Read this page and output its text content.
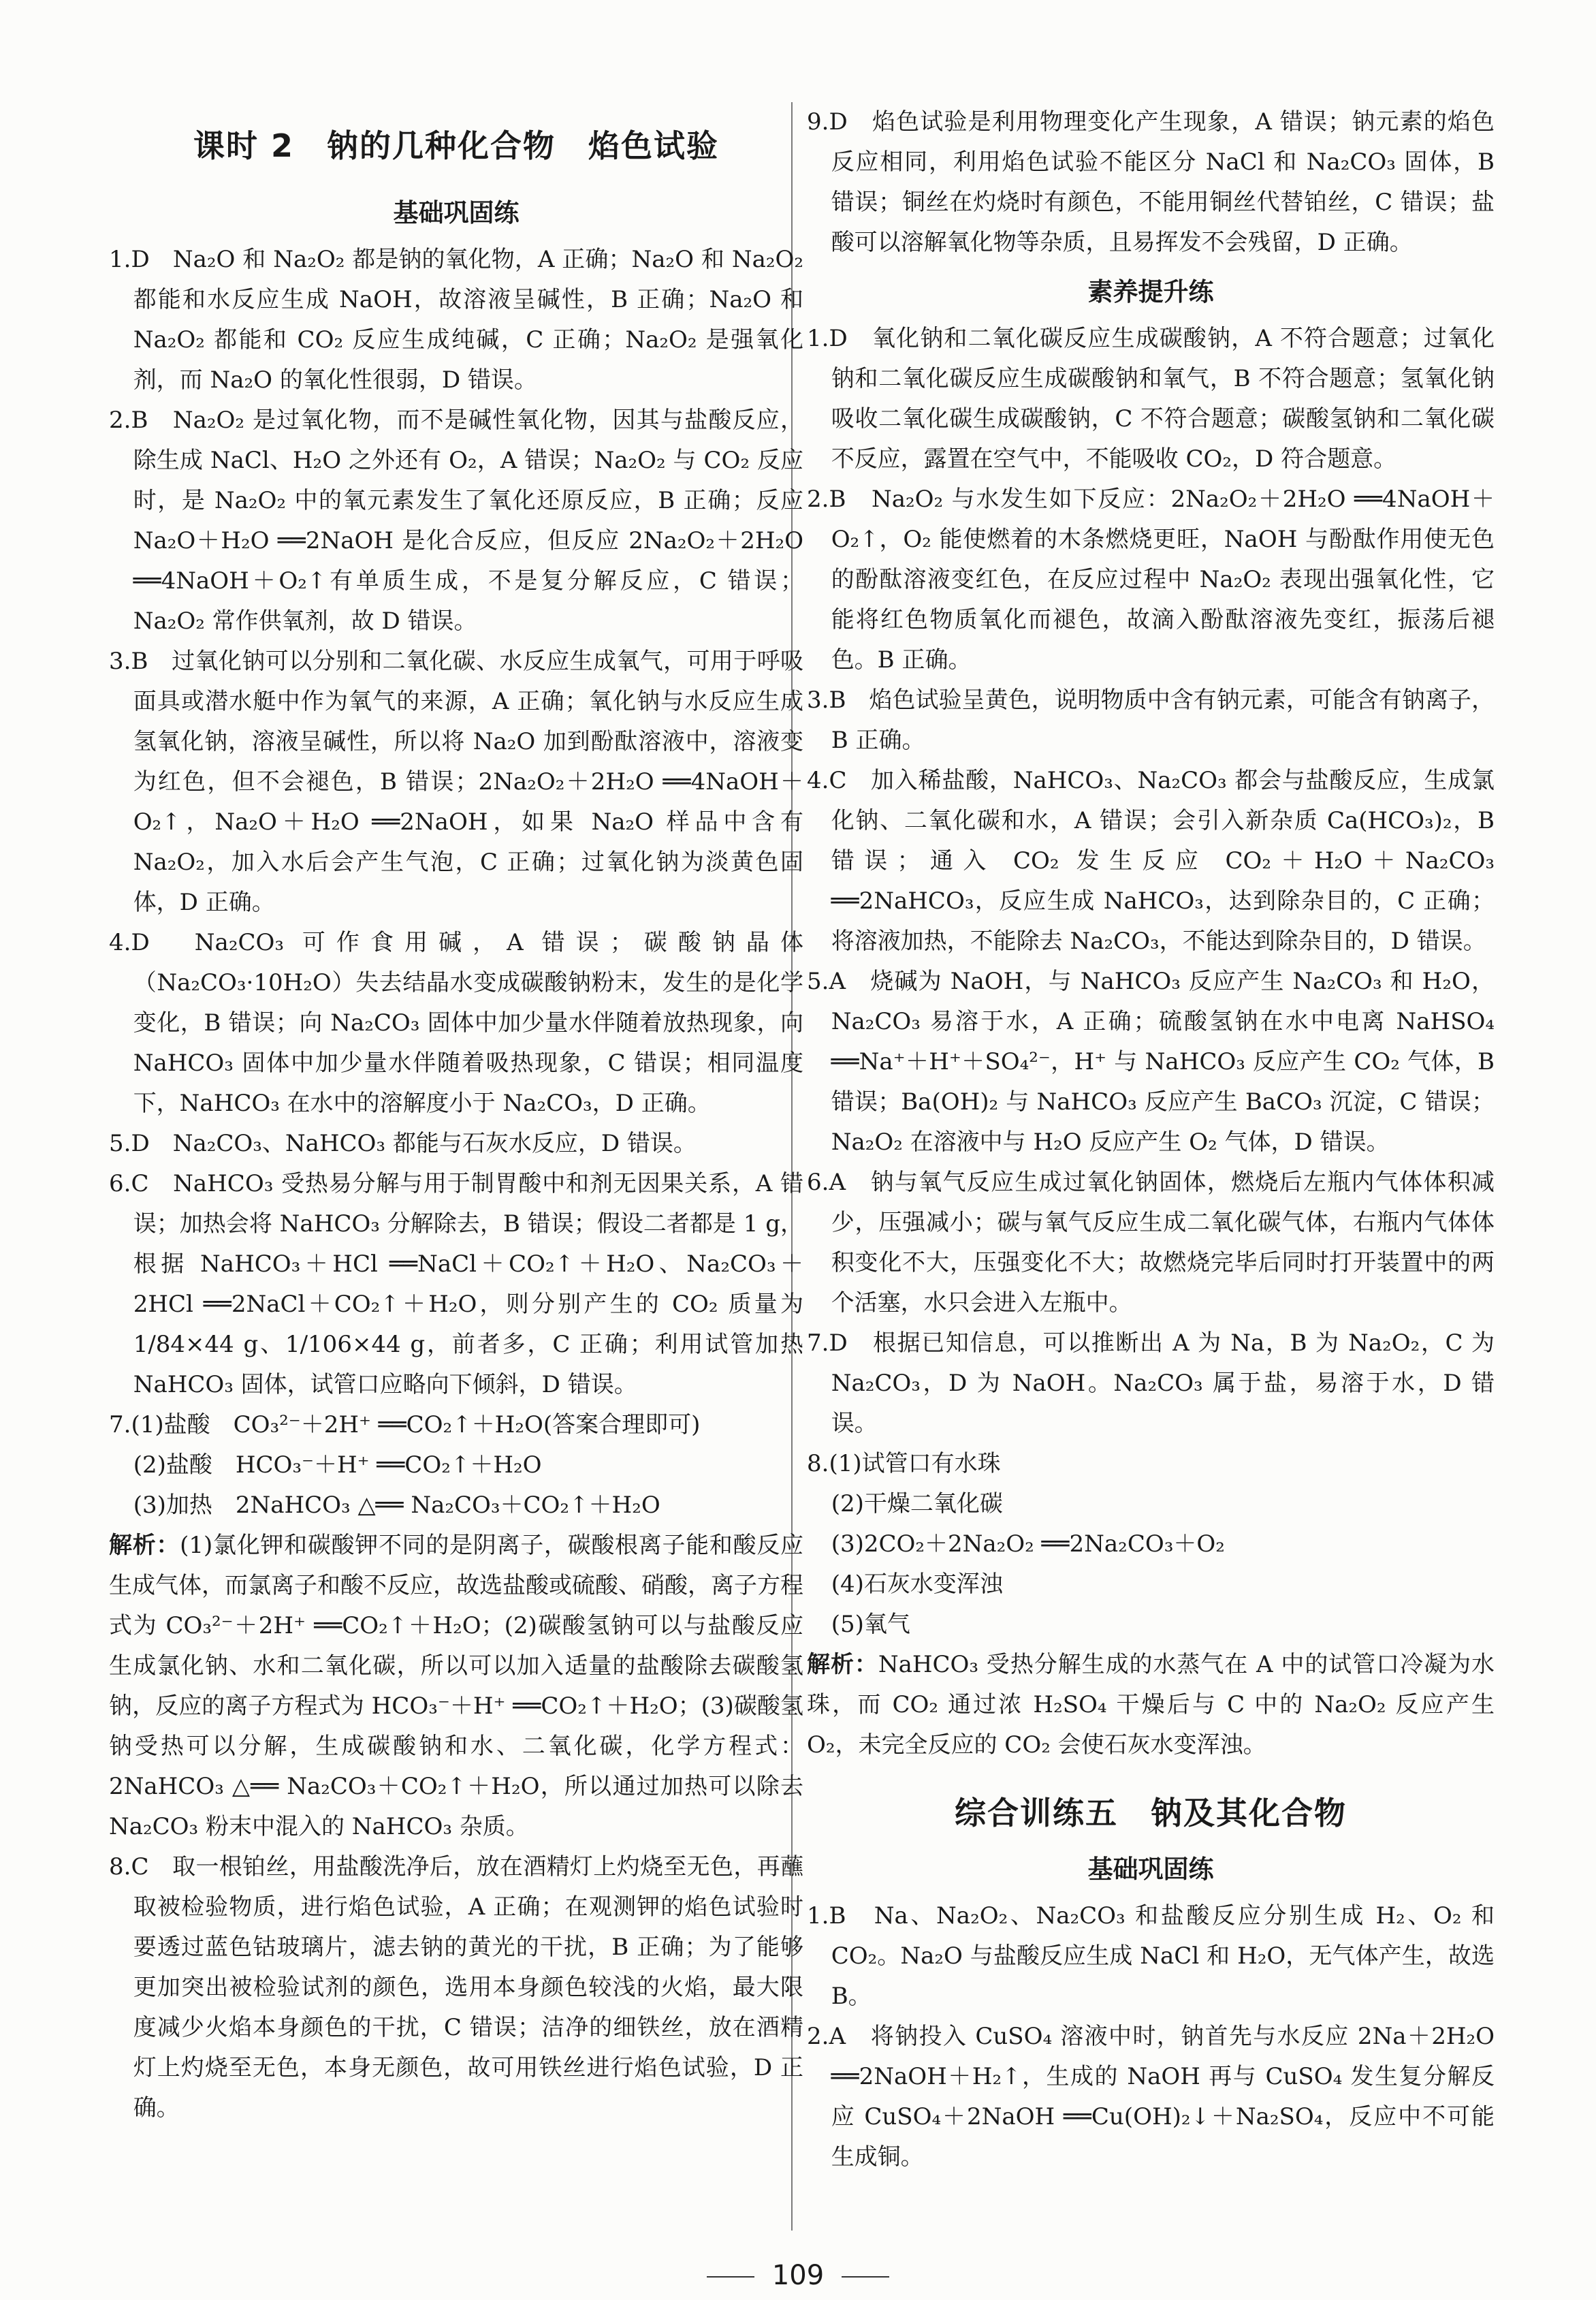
课时 2　钠的几种化合物　焰色试验
基础巩固练

1.D　Na₂O 和 Na₂O₂ 都是钠的氧化物，A 正确；Na₂O 和 Na₂O₂ 都能和水反应生成 NaOH，故溶液呈碱性，B 正确；Na₂O 和 Na₂O₂ 都能和 CO₂ 反应生成纯碱，C 正确；Na₂O₂ 是强氧化剂，而 Na₂O 的氧化性很弱，D 错误。

2.B　Na₂O₂ 是过氧化物，而不是碱性氧化物，因其与盐酸反应，除生成 NaCl、H₂O 之外还有 O₂，A 错误；Na₂O₂ 与 CO₂ 反应时，是 Na₂O₂ 中的氧元素发生了氧化还原反应，B 正确；反应 Na₂O＋H₂O ══2NaOH 是化合反应，但反应 2Na₂O₂＋2H₂O ══4NaOH＋O₂↑有单质生成，不是复分解反应，C 错误；Na₂O₂ 常作供氧剂，故 D 错误。

3.B　过氧化钠可以分别和二氧化碳、水反应生成氧气，可用于呼吸面具或潜水艇中作为氧气的来源，A 正确；氧化钠与水反应生成氢氧化钠，溶液呈碱性，所以将 Na₂O 加到酚酞溶液中，溶液变为红色，但不会褪色，B 错误；2Na₂O₂＋2H₂O ══4NaOH＋O₂↑，Na₂O＋H₂O ══2NaOH，如果 Na₂O 样品中含有 Na₂O₂，加入水后会产生气泡，C 正确；过氧化钠为淡黄色固体，D 正确。

4.D　Na₂CO₃ 可作食用碱，A 错误；碳酸钠晶体（Na₂CO₃·10H₂O）失去结晶水变成碳酸钠粉末，发生的是化学变化，B 错误；向 Na₂CO₃ 固体中加少量水伴随着放热现象，向 NaHCO₃ 固体中加少量水伴随着吸热现象，C 错误；相同温度下，NaHCO₃ 在水中的溶解度小于 Na₂CO₃，D 正确。

5.D　Na₂CO₃、NaHCO₃ 都能与石灰水反应，D 错误。

6.C　NaHCO₃ 受热易分解与用于制胃酸中和剂无因果关系，A 错误；加热会将 NaHCO₃ 分解除去，B 错误；假设二者都是 1 g，根据 NaHCO₃＋HCl ══NaCl＋CO₂↑＋H₂O、Na₂CO₃＋2HCl ══2NaCl＋CO₂↑＋H₂O，则分别产生的 CO₂ 质量为 1/84×44 g、1/106×44 g，前者多，C 正确；利用试管加热 NaHCO₃ 固体，试管口应略向下倾斜，D 错误。

7.(1)盐酸　CO₃²⁻＋2H⁺ ══CO₂↑＋H₂O(答案合理即可)

(2)盐酸　HCO₃⁻＋H⁺ ══CO₂↑＋H₂O

(3)加热　2NaHCO₃ △══ Na₂CO₃＋CO₂↑＋H₂O

解析：(1)氯化钾和碳酸钾不同的是阴离子，碳酸根离子能和酸反应生成气体，而氯离子和酸不反应，故选盐酸或硫酸、硝酸，离子方程式为 CO₃²⁻＋2H⁺ ══CO₂↑＋H₂O；(2)碳酸氢钠可以与盐酸反应生成氯化钠、水和二氧化碳，所以可以加入适量的盐酸除去碳酸氢钠，反应的离子方程式为 HCO₃⁻＋H⁺ ══CO₂↑＋H₂O；(3)碳酸氢钠受热可以分解，生成碳酸钠和水、二氧化碳，化学方程式：2NaHCO₃ △══ Na₂CO₃＋CO₂↑＋H₂O，所以通过加热可以除去 Na₂CO₃ 粉末中混入的 NaHCO₃ 杂质。

8.C　取一根铂丝，用盐酸洗净后，放在酒精灯上灼烧至无色，再蘸取被检验物质，进行焰色试验，A 正确；在观测钾的焰色试验时要透过蓝色钴玻璃片，滤去钠的黄光的干扰，B 正确；为了能够更加突出被检验试剂的颜色，选用本身颜色较浅的火焰，最大限度减少火焰本身颜色的干扰，C 错误；洁净的细铁丝，放在酒精灯上灼烧至无色，本身无颜色，故可用铁丝进行焰色试验，D 正确。

9.D　焰色试验是利用物理变化产生现象，A 错误；钠元素的焰色反应相同，利用焰色试验不能区分 NaCl 和 Na₂CO₃ 固体，B 错误；铜丝在灼烧时有颜色，不能用铜丝代替铂丝，C 错误；盐酸可以溶解氧化物等杂质，且易挥发不会残留，D 正确。

素养提升练

1.D　氧化钠和二氧化碳反应生成碳酸钠，A 不符合题意；过氧化钠和二氧化碳反应生成碳酸钠和氧气，B 不符合题意；氢氧化钠吸收二氧化碳生成碳酸钠，C 不符合题意；碳酸氢钠和二氧化碳不反应，露置在空气中，不能吸收 CO₂，D 符合题意。

2.B　Na₂O₂ 与水发生如下反应：2Na₂O₂＋2H₂O ══4NaOH＋O₂↑，O₂ 能使燃着的木条燃烧更旺，NaOH 与酚酞作用使无色的酚酞溶液变红色，在反应过程中 Na₂O₂ 表现出强氧化性，它能将红色物质氧化而褪色，故滴入酚酞溶液先变红，振荡后褪色。B 正确。

3.B　焰色试验呈黄色，说明物质中含有钠元素，可能含有钠离子，B 正确。

4.C　加入稀盐酸，NaHCO₃、Na₂CO₃ 都会与盐酸反应，生成氯化钠、二氧化碳和水，A 错误；会引入新杂质 Ca(HCO₃)₂，B 错误；通入 CO₂ 发生反应 CO₂＋H₂O＋Na₂CO₃ ══2NaHCO₃，反应生成 NaHCO₃，达到除杂目的，C 正确；将溶液加热，不能除去 Na₂CO₃，不能达到除杂目的，D 错误。

5.A　烧碱为 NaOH，与 NaHCO₃ 反应产生 Na₂CO₃ 和 H₂O，Na₂CO₃ 易溶于水，A 正确；硫酸氢钠在水中电离 NaHSO₄ ══Na⁺＋H⁺＋SO₄²⁻，H⁺ 与 NaHCO₃ 反应产生 CO₂ 气体，B 错误；Ba(OH)₂ 与 NaHCO₃ 反应产生 BaCO₃ 沉淀，C 错误；Na₂O₂ 在溶液中与 H₂O 反应产生 O₂ 气体，D 错误。

6.A　钠与氧气反应生成过氧化钠固体，燃烧后左瓶内气体体积减少，压强减小；碳与氧气反应生成二氧化碳气体，右瓶内气体体积变化不大，压强变化不大；故燃烧完毕后同时打开装置中的两个活塞，水只会进入左瓶中。

7.D　根据已知信息，可以推断出 A 为 Na，B 为 Na₂O₂，C 为 Na₂CO₃，D 为 NaOH。Na₂CO₃ 属于盐，易溶于水，D 错误。

8.(1)试管口有水珠

(2)干燥二氧化碳

(3)2CO₂＋2Na₂O₂ ══2Na₂CO₃＋O₂

(4)石灰水变浑浊

(5)氧气

解析：NaHCO₃ 受热分解生成的水蒸气在 A 中的试管口冷凝为水珠，而 CO₂ 通过浓 H₂SO₄ 干燥后与 C 中的 Na₂O₂ 反应产生 O₂，未完全反应的 CO₂ 会使石灰水变浑浊。

综合训练五　钠及其化合物
基础巩固练

1.B　Na、Na₂O₂、Na₂CO₃ 和盐酸反应分别生成 H₂、O₂ 和 CO₂。Na₂O 与盐酸反应生成 NaCl 和 H₂O，无气体产生，故选 B。

2.A　将钠投入 CuSO₄ 溶液中时，钠首先与水反应 2Na＋2H₂O ══2NaOH＋H₂↑，生成的 NaOH 再与 CuSO₄ 发生复分解反应 CuSO₄＋2NaOH ══Cu(OH)₂↓＋Na₂SO₄，反应中不可能生成铜。

109
